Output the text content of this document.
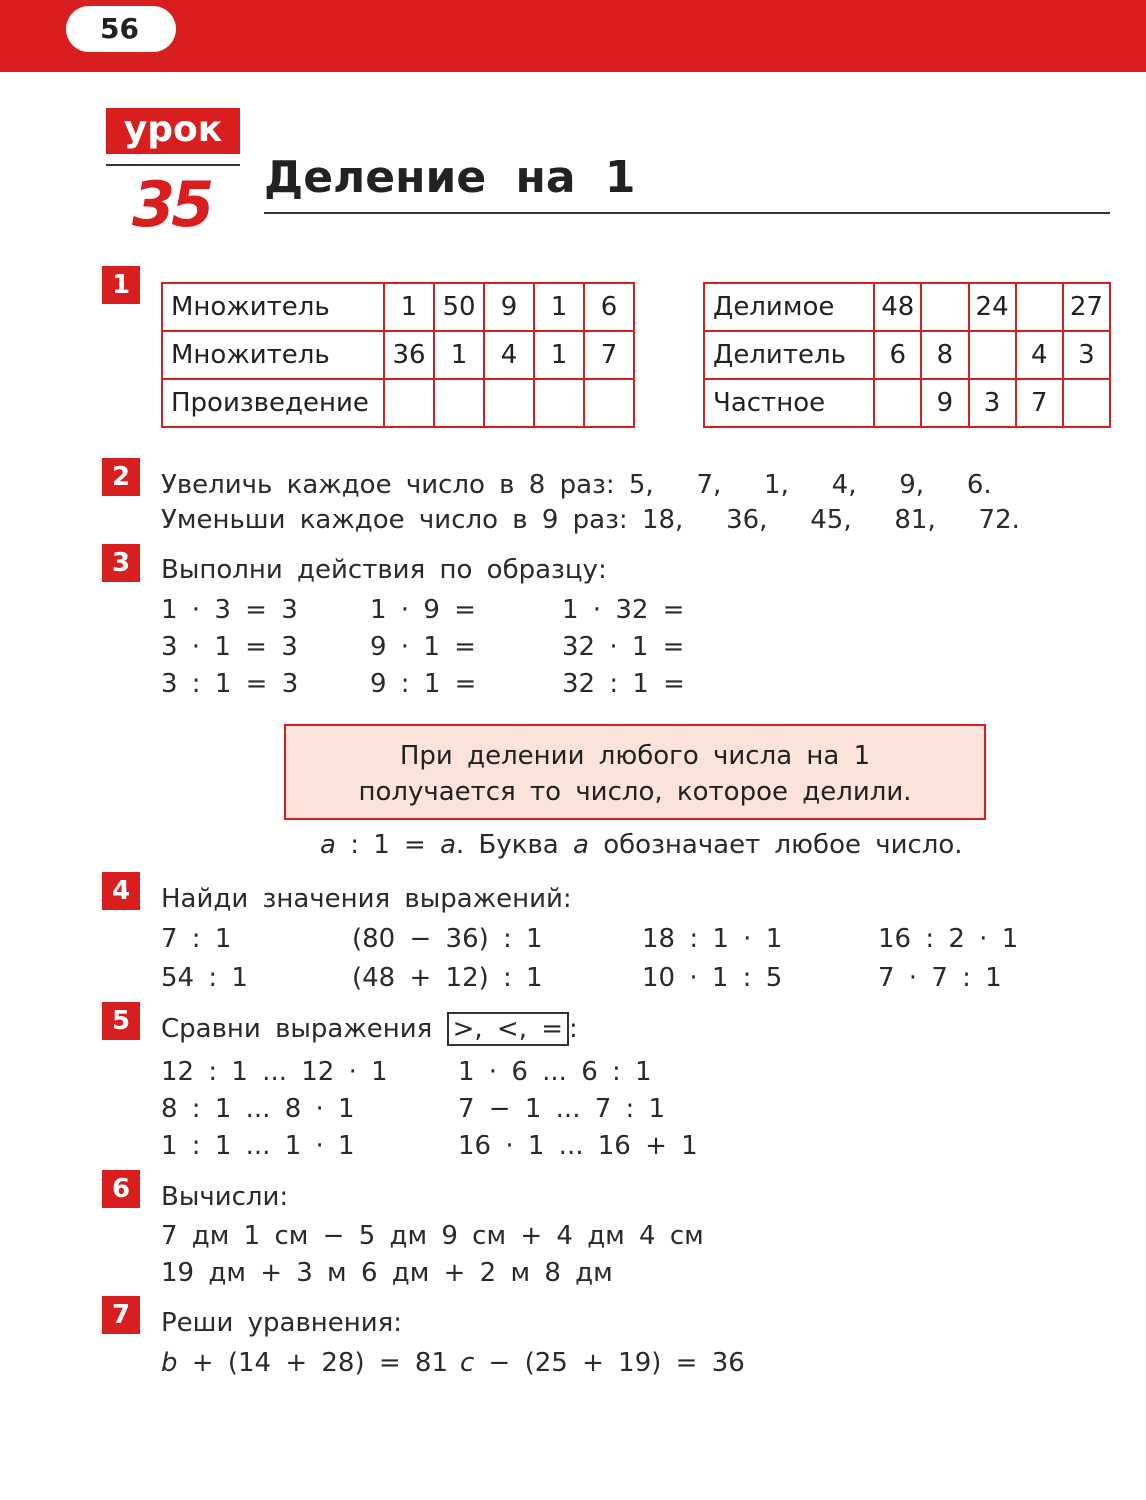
56
урок
35 Деление на 1
1
Множитель	1	50	9	1	6
Множитель	36	1	4	1	7
Произведение					
Делимое	48		24		27
Делитель	6	8		4	3
Частное		9	3	7	
2	Увеличь каждое число в 8 раз: 5,   7,   1,   4,   9,   6.
Уменьши каждое число в 9 раз: 18,   36,   45,   81,   72.
3	Выполни действия по образцу:
1 · 3 = 3
3 · 1 = 3
3 : 1 = 3
1 · 9 =
9 · 1 =
9 : 1 =
1 · 32 =
32 · 1 =
32 : 1 =
При делении любого числа на 1
получается то число, которое делили.
a : 1 = a. Буква a обозначает любое число.
4	Найди значения выражений:
7 : 1
54 : 1
(80 − 36) : 1
(48 + 12) : 1
18 : 1 · 1
10 · 1 : 5
16 : 2 · 1
7 · 7 : 1
5	Сравни выражения >, <, = :
12 : 1 ... 12 · 1
8 : 1 ... 8 · 1
1 : 1 ... 1 · 1
1 · 6 ... 6 : 1
7 − 1 ... 7 : 1
16 · 1 ... 16 + 1
6	Вычисли:
7 дм 1 см − 5 дм 9 см + 4 дм 4 см
19 дм + 3 м 6 дм + 2 м 8 дм
7	Реши уравнения:
b + (14 + 28) = 81 c − (25 + 19) = 36
